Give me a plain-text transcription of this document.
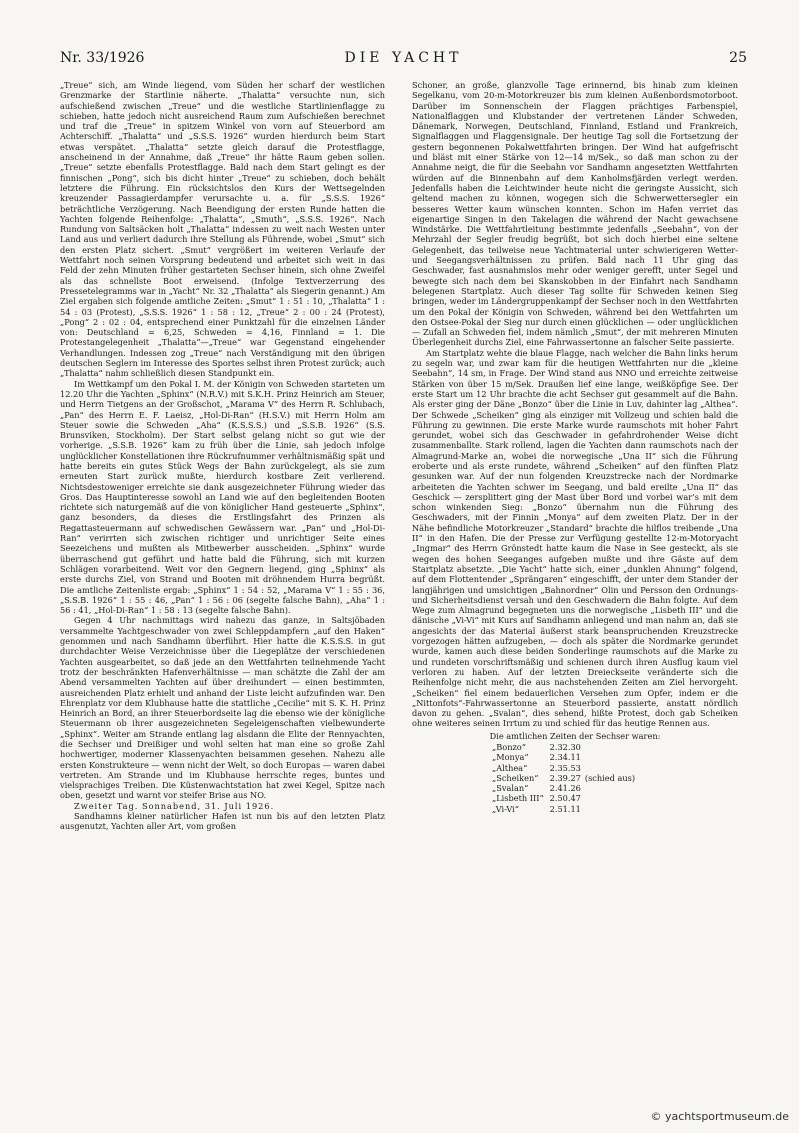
Nr. 33/1926	DIE YACHT	25

„Treue“ sich, am Winde liegend, vom Süden her scharf der westlichen Grenzmarke der Startlinie näherte. „Thalatta“ versuchte nun, sich aufschießend zwischen „Treue“ und die westliche Startlinienflagge zu schieben, hatte jedoch nicht ausreichend Raum zum Aufschießen berechnet und traf die „Treue“ in spitzem Winkel von vorn auf Steuerbord am Achterschiff. „Thalatta“ und „S.S.S. 1926“ wurden hierdurch beim Start etwas verspätet. „Thalatta“ setzte gleich darauf die Protestflagge, anscheinend in der Annahme, daß „Treue“ ihr hätte Raum geben sollen. „Treue“ setzte ebenfalls Protestflagge. Bald nach dem Start gelingt es der finnischen „Pong“, sich bis dicht hinter „Treue“ zu schieben, doch behält letztere die Führung. Ein rücksichtslos den Kurs der Wettsegelnden kreuzender Passagierdampfer verursachte u. a. für „S.S.S. 1926“ beträchtliche Verzögerung. Nach Beendigung der ersten Runde hatten die Yachten folgende Reihenfolge: „Thalatta“, „Smuth“, „S.S.S. 1926“. Nach Rundung von Saltsäcken holt „Thalatta“ indessen zu weit nach Westen unter Land aus und verliert dadurch ihre Stellung als Führende, wobei „Smut“ sich den ersten Platz sichert. „Smut“ vergrößert im weiteren Verlaufe der Wettfahrt noch seinen Vorsprung bedeutend und arbeitet sich weit in das Feld der zehn Minuten früher gestarteten Sechser hinein, sich ohne Zweifel als das schnellste Boot erweisend. (Infolge Textverzerrung des Pressetelegramms war in „Yacht“ Nr. 32 „Thalatta“ als Siegerin genannt.) Am Ziel ergaben sich folgende amtliche Zeiten: „Smut“ 1 : 51 : 10, „Thalatta“ 1 : 54 : 03 (Protest), „S.S.S. 1926“ 1 : 58 : 12, „Treue“ 2 : 00 : 24 (Protest), „Pong“ 2 : 02 : 04, entsprechend einer Punktzahl für die einzelnen Länder von: Deutschland = 6,25, Schweden = 4,16, Finnland = 1. Die Protestangelegenheit „Thalatta“—„Treue“ war Gegenstand eingehender Verhandlungen. Indessen zog „Treue“ nach Verständigung mit den übrigen deutschen Seglern im Interesse des Sportes selbst ihren Protest zurück; auch „Thalatta“ nahm schließlich diesen Standpunkt ein.

Im Wettkampf um den Pokal I. M. der Königin von Schweden starteten um 12.20 Uhr die Yachten „Sphinx“ (N.R.V.) mit S.K.H. Prinz Heinrich am Steuer, und Herrn Tietgens an der Großschot, „Marama V“ des Herrn R. Schlubach, „Pan“ des Herrn E. F. Laeisz, „Hol-Di-Ran“ (H.S.V.) mit Herrn Holm am Steuer sowie die Schweden „Aha“ (K.S.S.S.) und „S.S.B. 1926“ (S.S. Brunsviken, Stockholm). Der Start selbst gelang nicht so gut wie der vorherige. „S.S.B. 1926“ kam zu früh über die Linie, sah jedoch infolge unglücklicher Konstellationen ihre Rückrufnummer verhältnismäßig spät und hatte bereits ein gutes Stück Wegs der Bahn zurückgelegt, als sie zum erneuten Start zurück mußte, hierdurch kostbare Zeit verlierend. Nichtsdestoweniger erreichte sie dank ausgezeichneter Führung wieder das Gros. Das Hauptinteresse sowohl an Land wie auf den begleitenden Booten richtete sich naturgemäß auf die von königlicher Hand gesteuerte „Sphinx“, ganz besonders, da dieses die Erstlingsfahrt des Prinzen als Regattasteuermann auf schwedischen Gewässern war. „Pan“ und „Hol-Di-Ran“ verirrten sich zwischen richtiger und unrichtiger Seite eines Seezeichens und mußten als Mitbewerber ausscheiden. „Sphinx“ wurde überraschend gut geführt und hatte bald die Führung, sich mit kurzen Schlägen vorarbeitend. Weit vor den Gegnern liegend, ging „Sphinx“ als erste durchs Ziel, von Strand und Booten mit dröhnendem Hurra begrüßt. Die amtliche Zeitenliste ergab: „Sphinx“ 1 : 54 : 52, „Marama V“ 1 : 55 : 36, „S.S.B. 1926“ 1 : 55 : 46, „Pan“ 1 : 56 : 06 (segelte falsche Bahn), „Aha“ 1 : 56 : 41, „Hol-Di-Ran“ 1 : 58 : 13 (segelte falsche Bahn).

Gegen 4 Uhr nachmittags wird nahezu das ganze, in Saltsjöbaden versammelte Yachtgeschwader von zwei Schleppdampfern „auf den Haken“ genommen und nach Sandhamn überführt. Hier hatte die K.S.S.S. in gut durchdachter Weise Verzeichnisse über die Liegeplätze der verschiedenen Yachten ausgearbeitet, so daß jede an den Wettfahrten teilnehmende Yacht trotz der beschränkten Hafenverhältnisse — man schätzte die Zahl der am Abend versammelten Yachten auf über dreihundert — einen bestimmten, ausreichenden Platz erhielt und anhand der Liste leicht aufzufinden war. Den Ehrenplatz vor dem Klubhause hatte die stattliche „Cecilie“ mit S. K. H. Prinz Heinrich an Bord, an ihrer Steuerbordseite lag die ebenso wie der königliche Steuermann ob ihrer ausgezeichneten Segeleigenschaften vielbewunderte „Sphinx“. Weiter am Strande entlang lag alsdann die Elite der Rennyachten, die Sechser und Dreißiger und wohl selten hat man eine so große Zahl hochwertiger, moderner Klassenyachten beisammen gesehen. Nahezu alle ersten Konstrukteure — wenn nicht der Welt, so doch Europas — waren dabei vertreten. Am Strande und im Klubhause herrschte reges, buntes und vielsprachiges Treiben. Die Küstenwachtstation hat zwei Kegel, Spitze nach oben, gesetzt und warnt vor steifer Brise aus NO.

Zweiter Tag. Sonnabend, 31. Juli 1926.

Sandhamns kleiner natürlicher Hafen ist nun bis auf den letzten Platz ausgenutzt, Yachten aller Art, vom großen

Schoner, an große, glanzvolle Tage erinnernd, bis hinab zum kleinen Segelkanu, vom 20-m-Motorkreuzer bis zum kleinen Außenbordsmotorboot. Darüber im Sonnenschein der Flaggen prächtiges Farbenspiel, Nationalflaggen und Klubstander der vertretenen Länder Schweden, Dänemark, Norwegen, Deutschland, Finnland, Estland und Frankreich, Signalflaggen und Flaggensignale. Der heutige Tag soll die Fortsetzung der gestern begonnenen Pokalwettfahrten bringen. Der Wind hat aufgefrischt und bläst mit einer Stärke von 12—14 m/Sek., so daß man schon zu der Annahme neigt, die für die Seebahn vor Sandhamn angesetzten Wettfahrten würden auf die Binnenbahn auf dem Kanholmsfjärden verlegt werden. Jedenfalls haben die Leichtwinder heute nicht die geringste Aussicht, sich geltend machen zu können, wogegen sich die Schwerwettersegler ein besseres Wetter kaum wünschen konnten. Schon im Hafen verriet das eigenartige Singen in den Takelagen die während der Nacht gewachsene Windstärke. Die Wettfahrtleitung bestimmte jedenfalls „Seebahn“, von der Mehrzahl der Segler freudig begrüßt, bot sich doch hierbei eine seltene Gelegenheit, das teilweise neue Yachtmaterial unter schwierigeren Wetter- und Seegangsverhältnissen zu prüfen. Bald nach 11 Uhr ging das Geschwader, fast ausnahmslos mehr oder weniger gerefft, unter Segel und bewegte sich nach dem bei Skanskobben in der Einfahrt nach Sandhamn belegenen Startplatz. Auch dieser Tag sollte für Schweden keinen Sieg bringen, weder im Ländergruppenkampf der Sechser noch in den Wettfahrten um den Pokal der Königin von Schweden, während bei den Wettfahrten um den Ostsee-Pokal der Sieg nur durch einen glücklichen — oder unglücklichen — Zufall an Schweden fiel, indem nämlich „Smut“, der mit mehreren Minuten Überlegenheit durchs Ziel, eine Fahrwassertonne an falscher Seite passierte.

Am Startplatz wehte die blaue Flagge, nach welcher die Bahn links herum zu segeln war, und zwar kam für die heutigen Wettfahrten nur die „kleine Seebahn“, 14 sm, in Frage. Der Wind stand aus NNO und erreichte zeitweise Stärken von über 15 m/Sek. Draußen lief eine lange, weißköpfige See. Der erste Start um 12 Uhr brachte die acht Sechser gut gesammelt auf die Bahn. Als erster ging der Däne „Bonzo“ über die Linie in Luv, dahinter lag „Althea“. Der Schwede „Scheiken“ ging als einziger mit Vollzeug und schien bald die Führung zu gewinnen. Die erste Marke wurde raumschots mit hoher Fahrt gerundet, wobei sich das Geschwader in gefahrdrohender Weise dicht zusammenballte. Stark rollend, lagen die Yachten dann raumschots nach der Almagrund-Marke an, wobei die norwegische „Una II“ sich die Führung eroberte und als erste rundete, während „Scheiken“ auf den fünften Platz gesunken war. Auf der nun folgenden Kreuzstrecke nach der Nordmarke arbeiteten die Yachten schwer im Seegang, und bald ereilte „Una II“ das Geschick — zersplittert ging der Mast über Bord und vorbei war’s mit dem schon winkenden Sieg: „Bonzo“ übernahm nun die Führung des Geschwaders, mit der Finnin „Monya“ auf dem zweiten Platz. Der in der Nähe befindliche Motorkreuzer „Standard“ brachte die hilflos treibende „Una II“ in den Hafen. Die der Presse zur Verfügung gestellte 12-m-Motoryacht „Ingmar“ des Herrn Grönstedt hatte kaum die Nase in See gesteckt, als sie wegen des hohen Seeganges aufgeben mußte und ihre Gäste auf dem Startplatz absetzte. „Die Yacht“ hatte sich, einer „dunklen Ahnung“ folgend, auf dem Flottentender „Sprängaren“ eingeschifft, der unter dem Stander der langjährigen und umsichtigen „Bahnordner“ Olin und Persson den Ordnungs- und Sicherheitsdienst versah und den Geschwadern die Bahn folgte. Auf dem Wege zum Almagrund begegneten uns die norwegische „Lisbeth III“ und die dänische „Vi-Vi“ mit Kurs auf Sandhamn anliegend und man nahm an, daß sie angesichts der das Material äußerst stark beanspruchenden Kreuzstrecke vorgezogen hätten aufzugeben, — doch als später die Nordmarke gerundet wurde, kamen auch diese beiden Sonderlinge raumschots auf die Marke zu und rundeten vorschriftsmäßig und schienen durch ihren Ausflug kaum viel verloren zu haben. Auf der letzten Dreieckseite veränderte sich die Reihenfolge nicht mehr, die aus nachstehenden Zeiten am Ziel hervorgeht. „Scheiken“ fiel einem bedauerlichen Versehen zum Opfer, indem er die „Nittonfots“-Fahrwassertonne an Steuerbord passierte, anstatt nördlich davon zu gehen. „Svalan“, dies sehend, hißte Protest, doch gab Scheiken ohne weiteres seinen Irrtum zu und schied für das heutige Rennen aus.

Die amtlichen Zeiten der Sechser waren:

„Bonzo“	2.32.30	
„Monya“	2.34.11	
„Althea“	2.35.53	
„Scheiken“	2.39.27	(schied aus)
„Svalan“	2.41.26	
„Lisbeth III“	2.50.47	
„Vi-Vi“	2.51.11	
© yachtsportmuseum.de
